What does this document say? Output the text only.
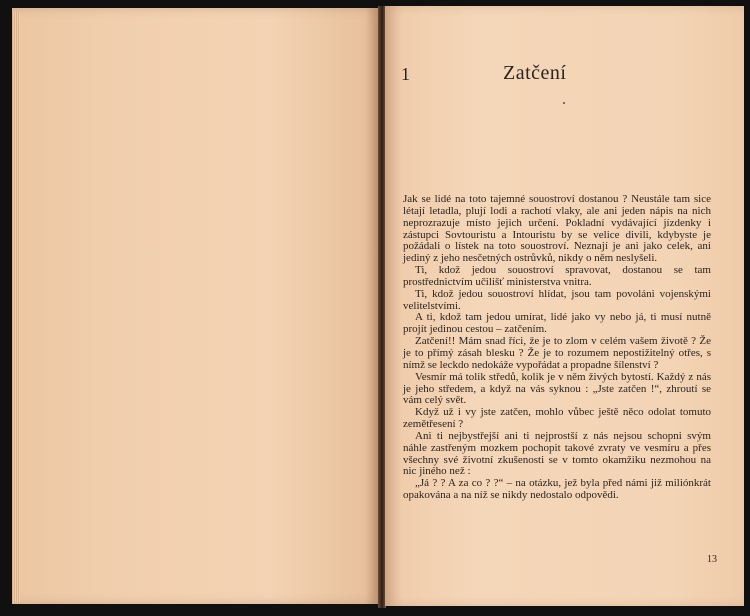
1	Zatčení

Jak se lidé na toto tajemné souostroví dostanou ? Neustále tam sice létají letadla, plují lodi a rachotí vlaky, ale ani jeden nápis na nich neprozrazuje místo jejich určení. Pokladní vydávající jízdenky i zástupci Sovtouristu a Intouristu by se velice divili, kdybyste je požádali o lístek na toto souostroví. Neznají je ani jako celek, ani jediný z jeho nesčetných ostrůvků, nikdy o něm neslyšeli.

Ti, kdož jedou souostroví spravovat, dostanou se tam prostřednictvím učilišť ministerstva vnitra.

Ti, kdož jedou souostroví hlídat, jsou tam povoláni vojenskými velitelstvími.

A ti, kdož tam jedou umírat, lidé jako vy nebo já, ti musí nutně projít jedinou cestou – zatčením.

Zatčení!! Mám snad říci, že je to zlom v celém vašem životě ? Že je to přímý zásah blesku ? Že je to rozumem nepostižitelný otřes, s nímž se leckdo nedokáže vypořádat a propadne šílenství ?

Vesmír má tolik středů, kolik je v něm živých bytostí. Každý z nás je jeho středem, a když na vás syknou : „Jste zatčen !“, zhroutí se vám celý svět.

Když už i vy jste zatčen, mohlo vůbec ještě něco odolat tomuto zemětřesení ?

Ani ti nejbystřejší ani ti nejprostší z nás nejsou schopni svým náhle zastřeným mozkem pochopit takové zvraty ve vesmíru a přes všechny své životní zkušenosti se v tomto okamžiku nezmohou na nic jiného než :

„Já ? ? A za co ? ?“ – na otázku, jež byla před námi již miliónkrát opakována a na níž se nikdy nedostalo odpovědi.

13
